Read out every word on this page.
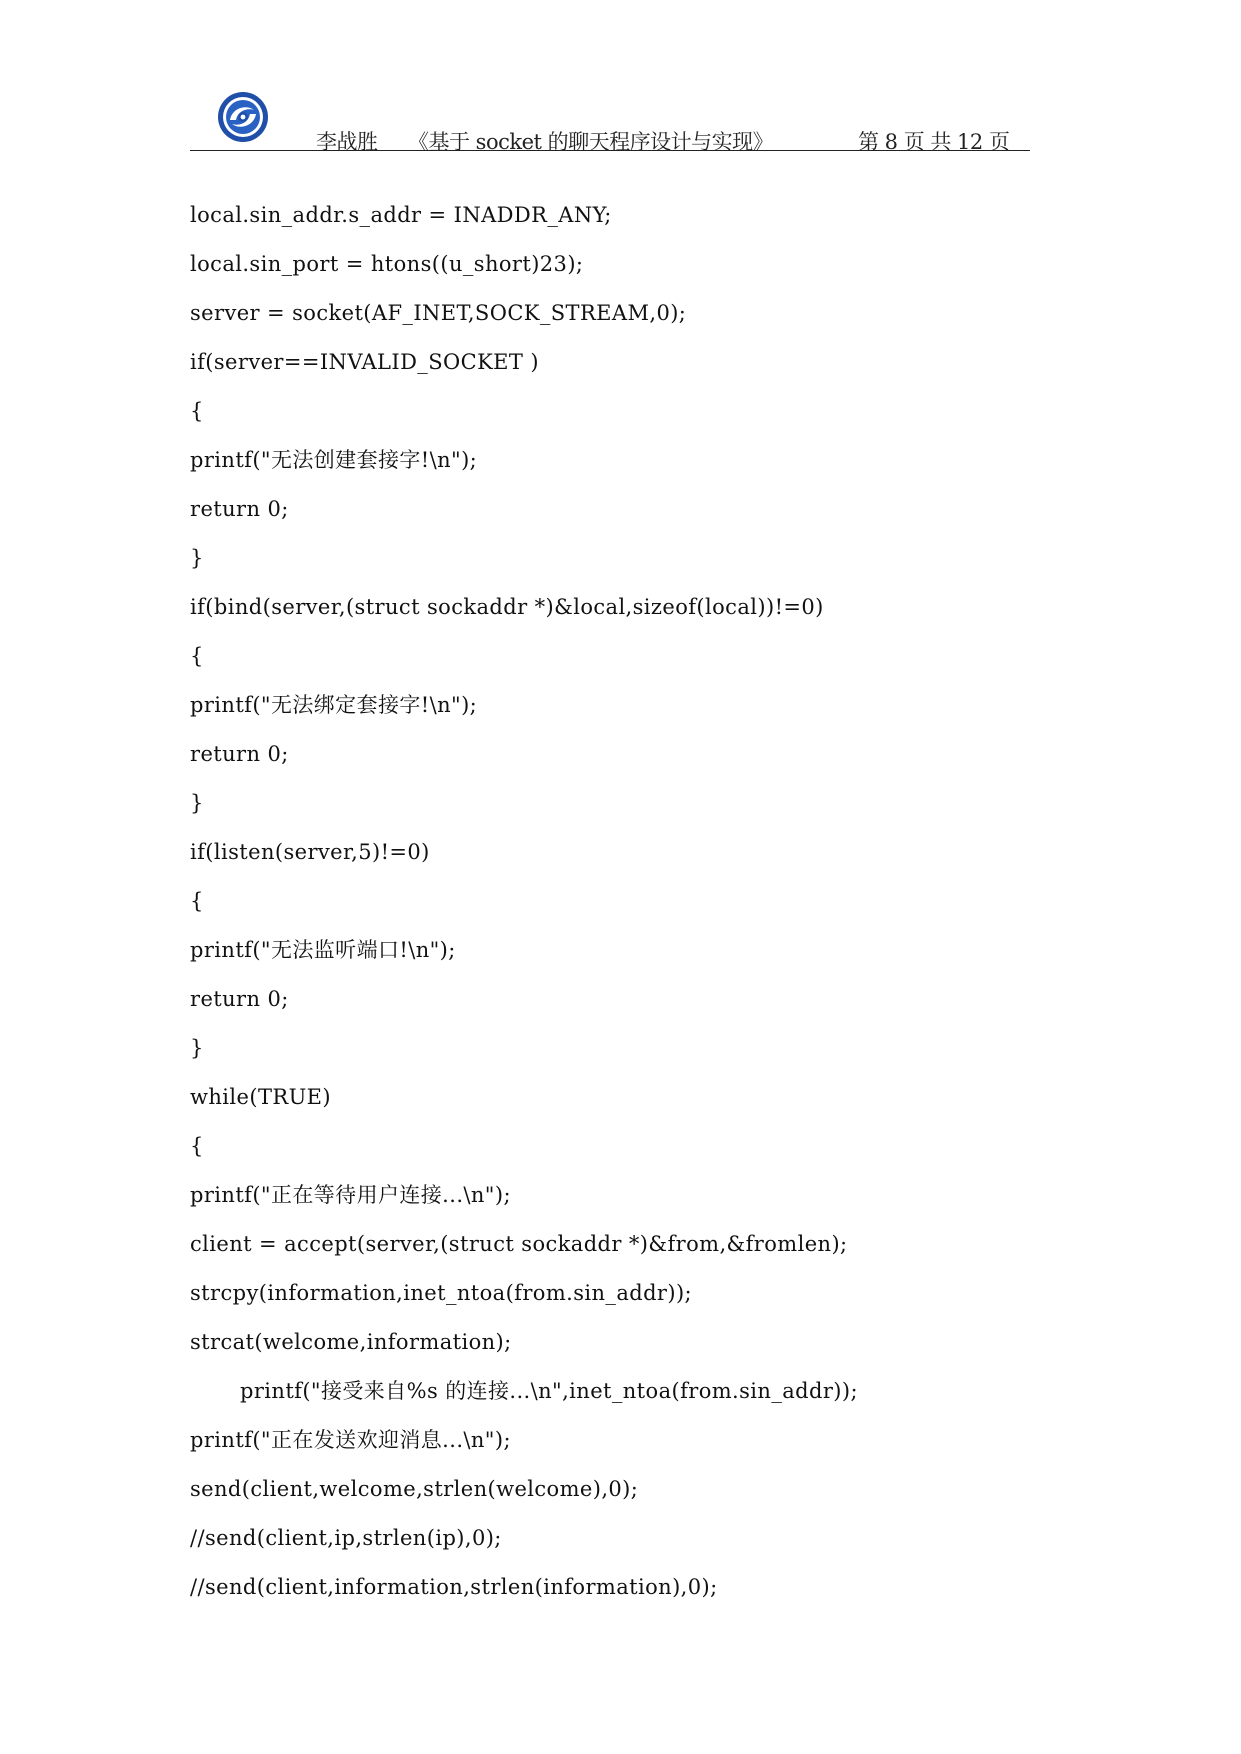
李战胜 《基于 socket 的聊天程序设计与实现》	第 8 页 共 12 页
local.sin_addr.s_addr = INADDR_ANY;
local.sin_port = htons((u_short)23);
server = socket(AF_INET,SOCK_STREAM,0);
if(server==INVALID_SOCKET )
{
printf("无法创建套接字!\n");
return 0;
}
if(bind(server,(struct sockaddr *)&local,sizeof(local))!=0)
{
printf("无法绑定套接字!\n");
return 0;
}
if(listen(server,5)!=0)
{
printf("无法监听端口!\n");
return 0;
}
while(TRUE)
{
printf("正在等待用户连接...\n");
client = accept(server,(struct sockaddr *)&from,&fromlen);
strcpy(information,inet_ntoa(from.sin_addr));
strcat(welcome,information);
printf("接受来自%s 的连接...\n",inet_ntoa(from.sin_addr));
printf("正在发送欢迎消息...\n");
send(client,welcome,strlen(welcome),0);
//send(client,ip,strlen(ip),0);
//send(client,information,strlen(information),0);
